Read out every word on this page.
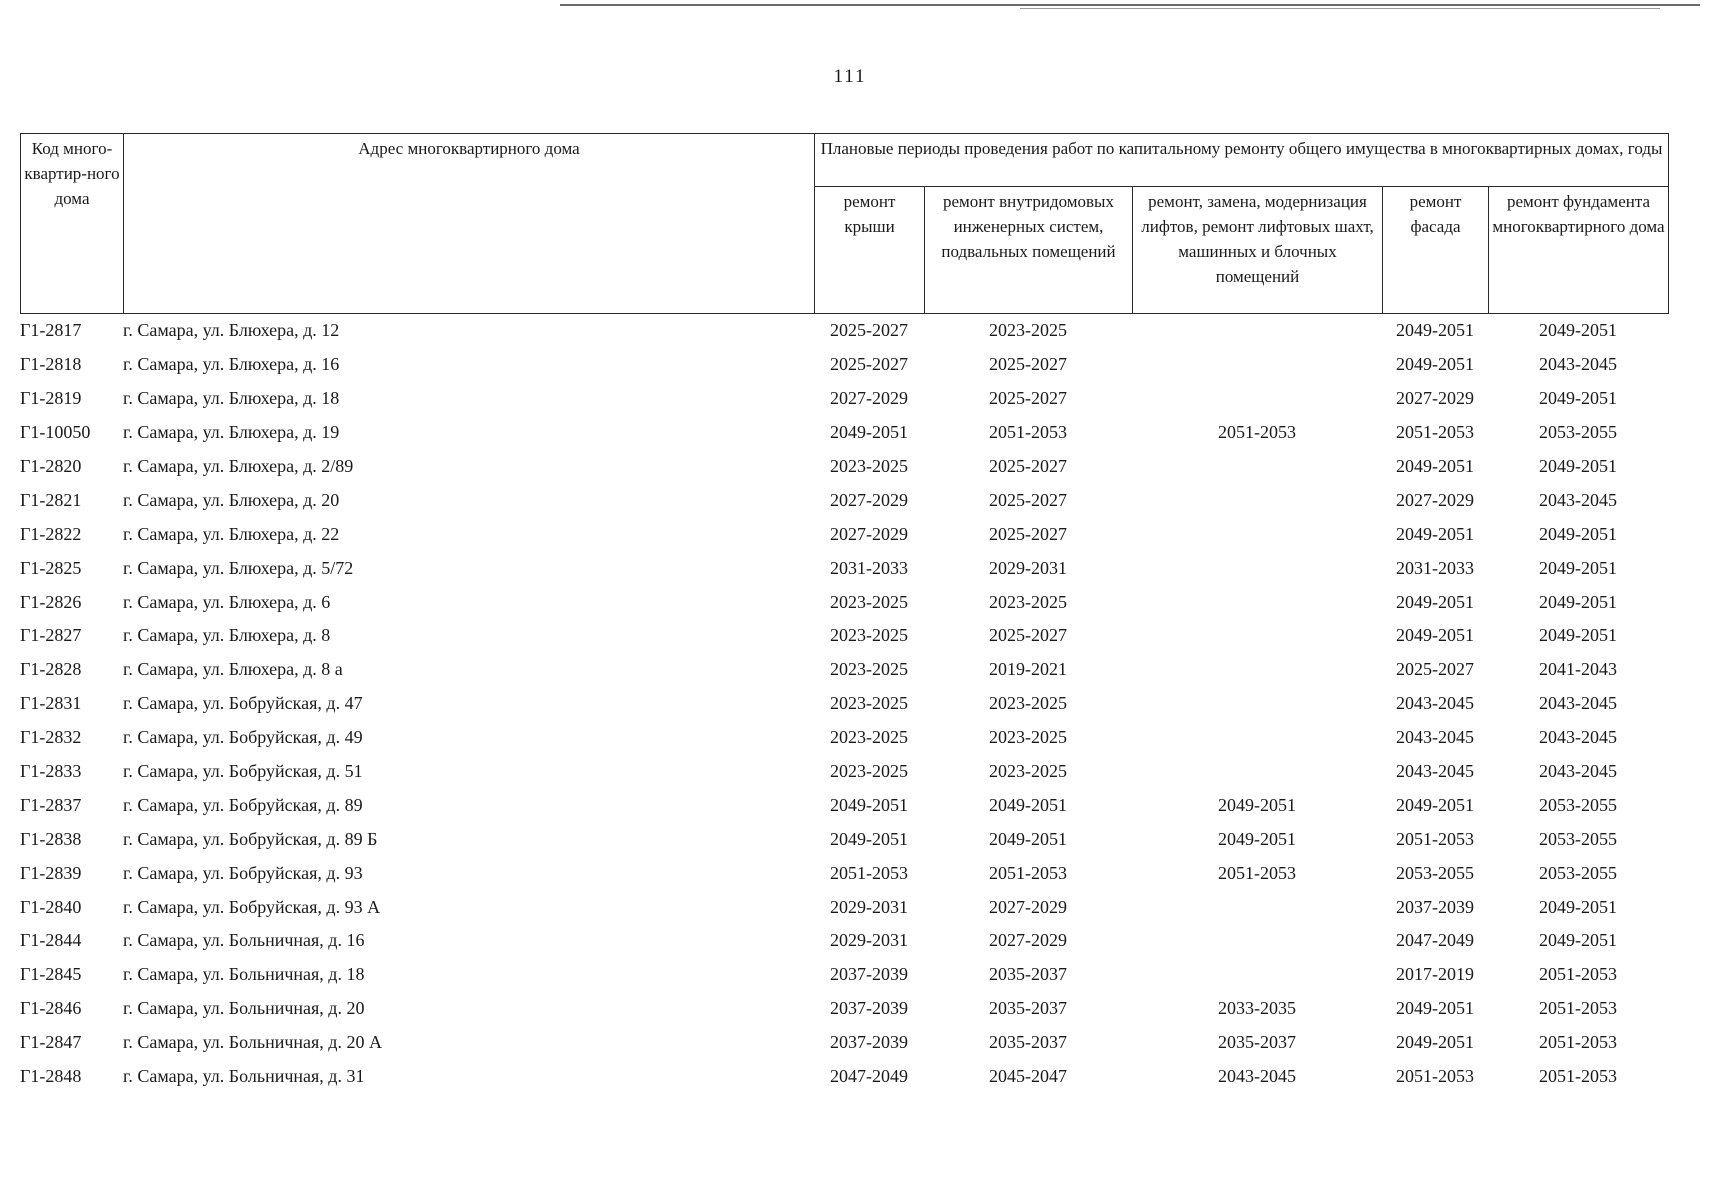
111
Код много-квартир-ного дома	Адрес многоквартирного дома	Плановые периоды проведения работ по капитальному ремонту общего имущества в многоквартирных домах, годы				
		ремонт крыши	ремонт внутридомовых инженерных систем, подвальных помещений	ремонт, замена, модернизация лифтов, ремонт лифтовых шахт, машинных и блочных помещений	ремонт фасада	ремонт фундамента многоквартирного дома
Г1-2817	г. Самара, ул. Блюхера, д. 12	2025-2027	2023-2025		2049-2051	2049-2051
Г1-2818	г. Самара, ул. Блюхера, д. 16	2025-2027	2025-2027		2049-2051	2043-2045
Г1-2819	г. Самара, ул. Блюхера, д. 18	2027-2029	2025-2027		2027-2029	2049-2051
Г1-10050	г. Самара, ул. Блюхера, д. 19	2049-2051	2051-2053	2051-2053	2051-2053	2053-2055
Г1-2820	г. Самара, ул. Блюхера, д. 2/89	2023-2025	2025-2027		2049-2051	2049-2051
Г1-2821	г. Самара, ул. Блюхера, д. 20	2027-2029	2025-2027		2027-2029	2043-2045
Г1-2822	г. Самара, ул. Блюхера, д. 22	2027-2029	2025-2027		2049-2051	2049-2051
Г1-2825	г. Самара, ул. Блюхера, д. 5/72	2031-2033	2029-2031		2031-2033	2049-2051
Г1-2826	г. Самара, ул. Блюхера, д. 6	2023-2025	2023-2025		2049-2051	2049-2051
Г1-2827	г. Самара, ул. Блюхера, д. 8	2023-2025	2025-2027		2049-2051	2049-2051
Г1-2828	г. Самара, ул. Блюхера, д. 8 а	2023-2025	2019-2021		2025-2027	2041-2043
Г1-2831	г. Самара, ул. Бобруйская, д. 47	2023-2025	2023-2025		2043-2045	2043-2045
Г1-2832	г. Самара, ул. Бобруйская, д. 49	2023-2025	2023-2025		2043-2045	2043-2045
Г1-2833	г. Самара, ул. Бобруйская, д. 51	2023-2025	2023-2025		2043-2045	2043-2045
Г1-2837	г. Самара, ул. Бобруйская, д. 89	2049-2051	2049-2051	2049-2051	2049-2051	2053-2055
Г1-2838	г. Самара, ул. Бобруйская, д. 89 Б	2049-2051	2049-2051	2049-2051	2051-2053	2053-2055
Г1-2839	г. Самара, ул. Бобруйская, д. 93	2051-2053	2051-2053	2051-2053	2053-2055	2053-2055
Г1-2840	г. Самара, ул. Бобруйская, д. 93 А	2029-2031	2027-2029		2037-2039	2049-2051
Г1-2844	г. Самара, ул. Больничная, д. 16	2029-2031	2027-2029		2047-2049	2049-2051
Г1-2845	г. Самара, ул. Больничная, д. 18	2037-2039	2035-2037		2017-2019	2051-2053
Г1-2846	г. Самара, ул. Больничная, д. 20	2037-2039	2035-2037	2033-2035	2049-2051	2051-2053
Г1-2847	г. Самара, ул. Больничная, д. 20 А	2037-2039	2035-2037	2035-2037	2049-2051	2051-2053
Г1-2848	г. Самара, ул. Больничная, д. 31	2047-2049	2045-2047	2043-2045	2051-2053	2051-2053
